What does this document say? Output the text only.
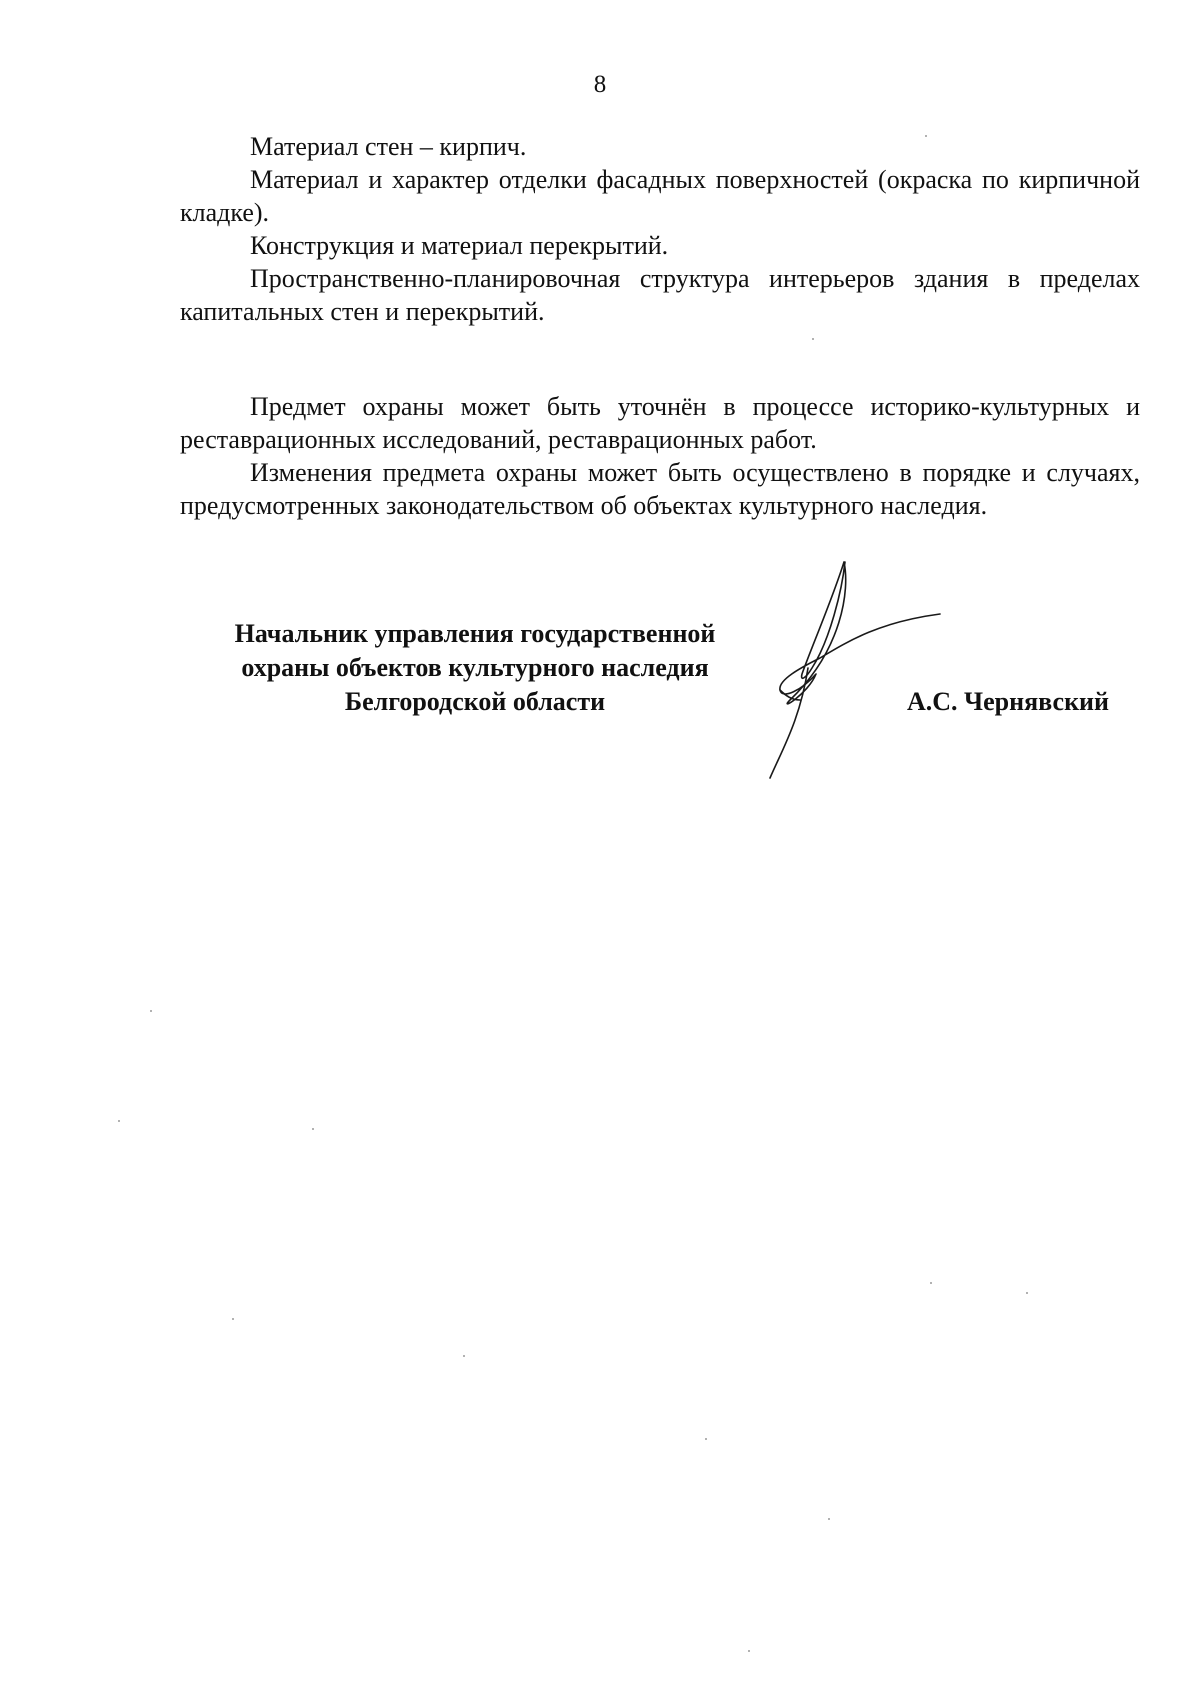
8

Материал стен – кирпич.

Материал и характер отделки фасадных поверхностей (окраска по кирпичной кладке).

Конструкция и материал перекрытий.

Пространственно-планировочная структура интерьеров здания в пределах капитальных стен и перекрытий.

Предмет охраны может быть уточнён в процессе историко-культурных и реставрационных исследований, реставрационных работ.

Изменения предмета охраны может быть осуществлено в порядке и случаях, предусмотренных законодательством об объектах культурного наследия.

Начальник управления государственной
охраны объектов культурного наследия
Белгородской области	А.С. Чернявский
